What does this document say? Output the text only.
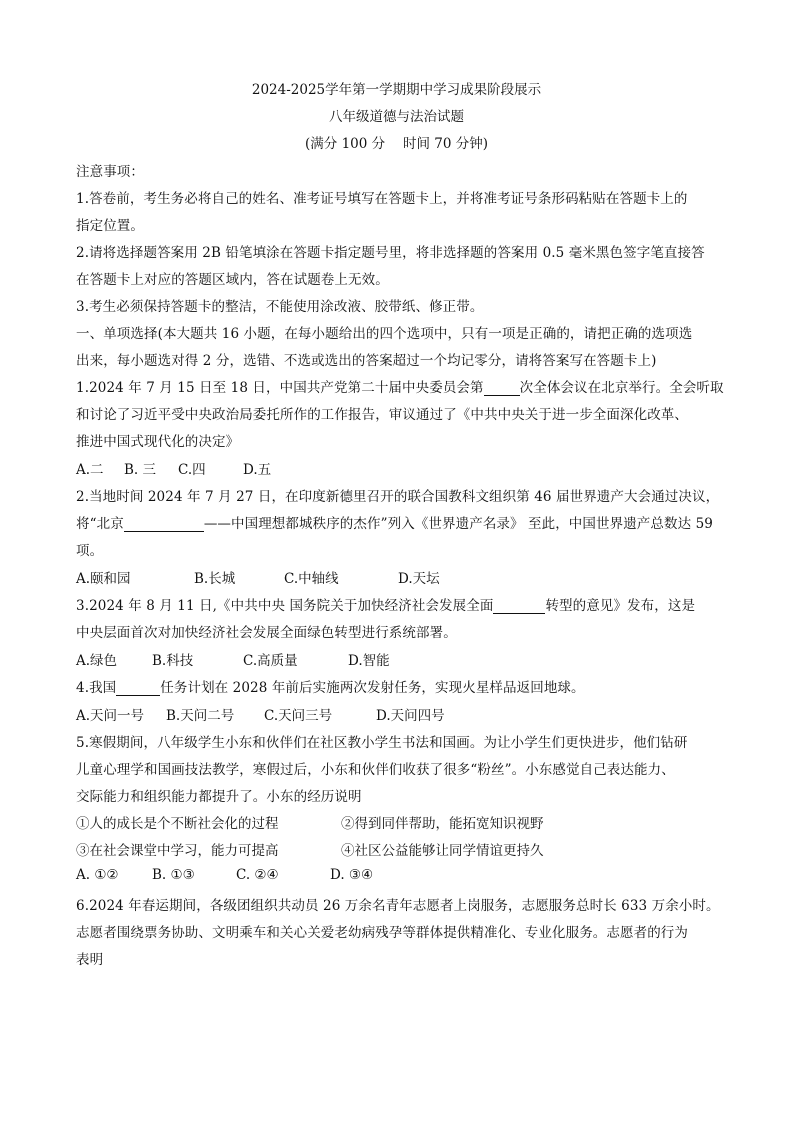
2024-2025学年第一学期期中学习成果阶段展示
八年级道德与法治试题
(满分 100 分　 时间 70 分钟)
注意事项：
1.答卷前，考生务必将自己的姓名、准考证号填写在答题卡上，并将准考证号条形码粘贴在答题卡上的
指定位置。
2.请将选择题答案用 2B 铅笔填涂在答题卡指定题号里，将非选择题的答案用 0.5 毫米黑色签字笔直接答
在答题卡上对应的答题区域内，答在试题卷上无效。
3.考生必须保持答题卡的整洁，不能使用涂改液、胶带纸、修正带。
一、单项选择(本大题共 16 小题，在每小题给出的四个选项中，只有一项是正确的，请把正确的选项选
出来，每小题选对得 2 分，选错、不选或选出的答案超过一个均记零分，请将答案写在答题卡上)
1.2024 年 7 月 15 日至 18 日，中国共产党第二十届中央委员会第	次全体会议在北京举行。全会听取
和讨论了习近平受中央政治局委托所作的工作报告，审议通过了《中共中央关于进一步全面深化改革、
推进中国式现代化的决定》
A.二 B. 三 C.四	D.五
2.当地时间 2024 年 7 月 27 日，在印度新德里召开的联合国教科文组织第 46 届世界遗产大会通过决议，
将“北京	——中国理想都城秩序的杰作”列入《世界遗产名录》 至此，中国世界遗产总数达 59
项。
A.颐和园	B.长城	C.中轴线	D.天坛
3.2024 年 8 月 11 日,《中共中央 国务院关于加快经济社会发展全面	转型的意见》发布，这是
中央层面首次对加快经济社会发展全面绿色转型进行系统部署。
A.绿色	B.科技	C.高质量	D.智能
4.我国	任务计划在 2028 年前后实施两次发射任务，实现火星样品返回地球。
A.天问一号 B.天问二号 C.天问三号	D.天问四号
5.寒假期间，八年级学生小东和伙伴们在社区教小学生书法和国画。为让小学生们更快进步，他们钻研
儿童心理学和国画技法教学，寒假过后，小东和伙伴们收获了很多“粉丝”。小东感觉自己表达能力、
交际能力和组织能力都提升了。小东的经历说明
①人的成长是个不断社会化的过程	②得到同伴帮助，能拓宽知识视野
③在社会课堂中学习，能力可提高	④社区公益能够让同学情谊更持久
A. ①② B. ①③	C. ②④	D. ③④
6.2024 年春运期间，各级团组织共动员 26 万余名青年志愿者上岗服务，志愿服务总时长 633 万余小时。
志愿者围绕票务协助、文明乘车和关心关爱老幼病残孕等群体提供精准化、专业化服务。志愿者的行为
表明
